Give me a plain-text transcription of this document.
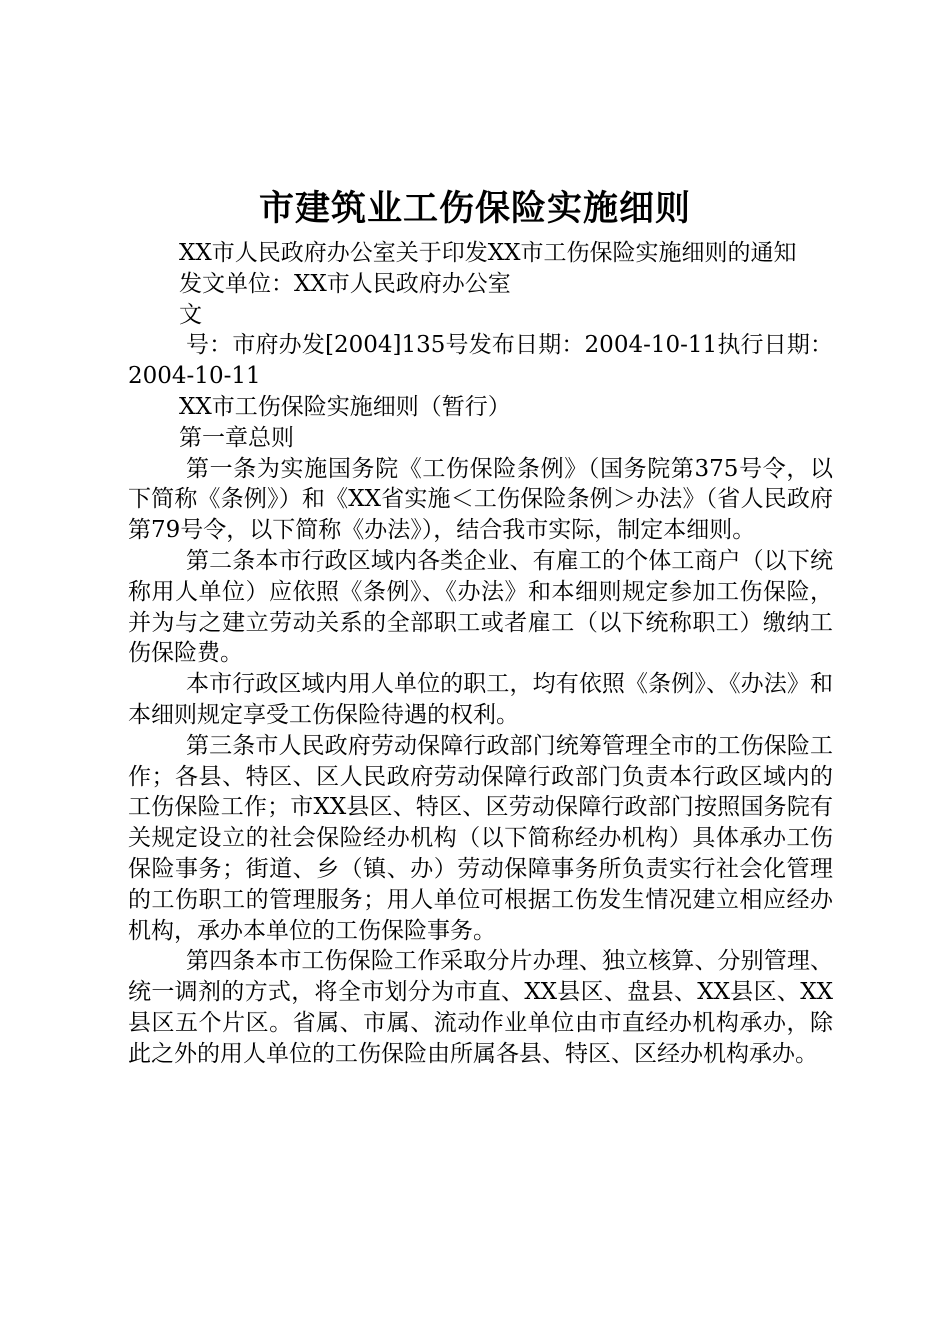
市建筑业工伤保险实施细则

XX市人民政府办公室关于印发XX市工伤保险实施细则的通知

发文单位：XX市人民政府办公室

文

号：市府办发[2004]135号发布日期：2004-10-11执行日期：2004-10-11

XX市工伤保险实施细则（暂行）

第一章总则

第一条为实施国务院《工伤保险条例》（国务院第375号令，以下简称《条例》）和《XX省实施＜工伤保险条例＞办法》（省人民政府第79号令，以下简称《办法》），结合我市实际，制定本细则。

第二条本市行政区域内各类企业、有雇工的个体工商户（以下统称用人单位）应依照《条例》、《办法》和本细则规定参加工伤保险，并为与之建立劳动关系的全部职工或者雇工（以下统称职工）缴纳工伤保险费。

本市行政区域内用人单位的职工，均有依照《条例》、《办法》和本细则规定享受工伤保险待遇的权利。

第三条市人民政府劳动保障行政部门统筹管理全市的工伤保险工作；各县、特区、区人民政府劳动保障行政部门负责本行政区域内的工伤保险工作；市XX县区、特区、区劳动保障行政部门按照国务院有关规定设立的社会保险经办机构（以下简称经办机构）具体承办工伤保险事务；街道、乡（镇、办）劳动保障事务所负责实行社会化管理的工伤职工的管理服务；用人单位可根据工伤发生情况建立相应经办机构，承办本单位的工伤保险事务。

第四条本市工伤保险工作采取分片办理、独立核算、分别管理、统一调剂的方式，将全市划分为市直、XX县区、盘县、XX县区、XX县区五个片区。省属、市属、流动作业单位由市直经办机构承办，除此之外的用人单位的工伤保险由所属各县、特区、区经办机构承办。
